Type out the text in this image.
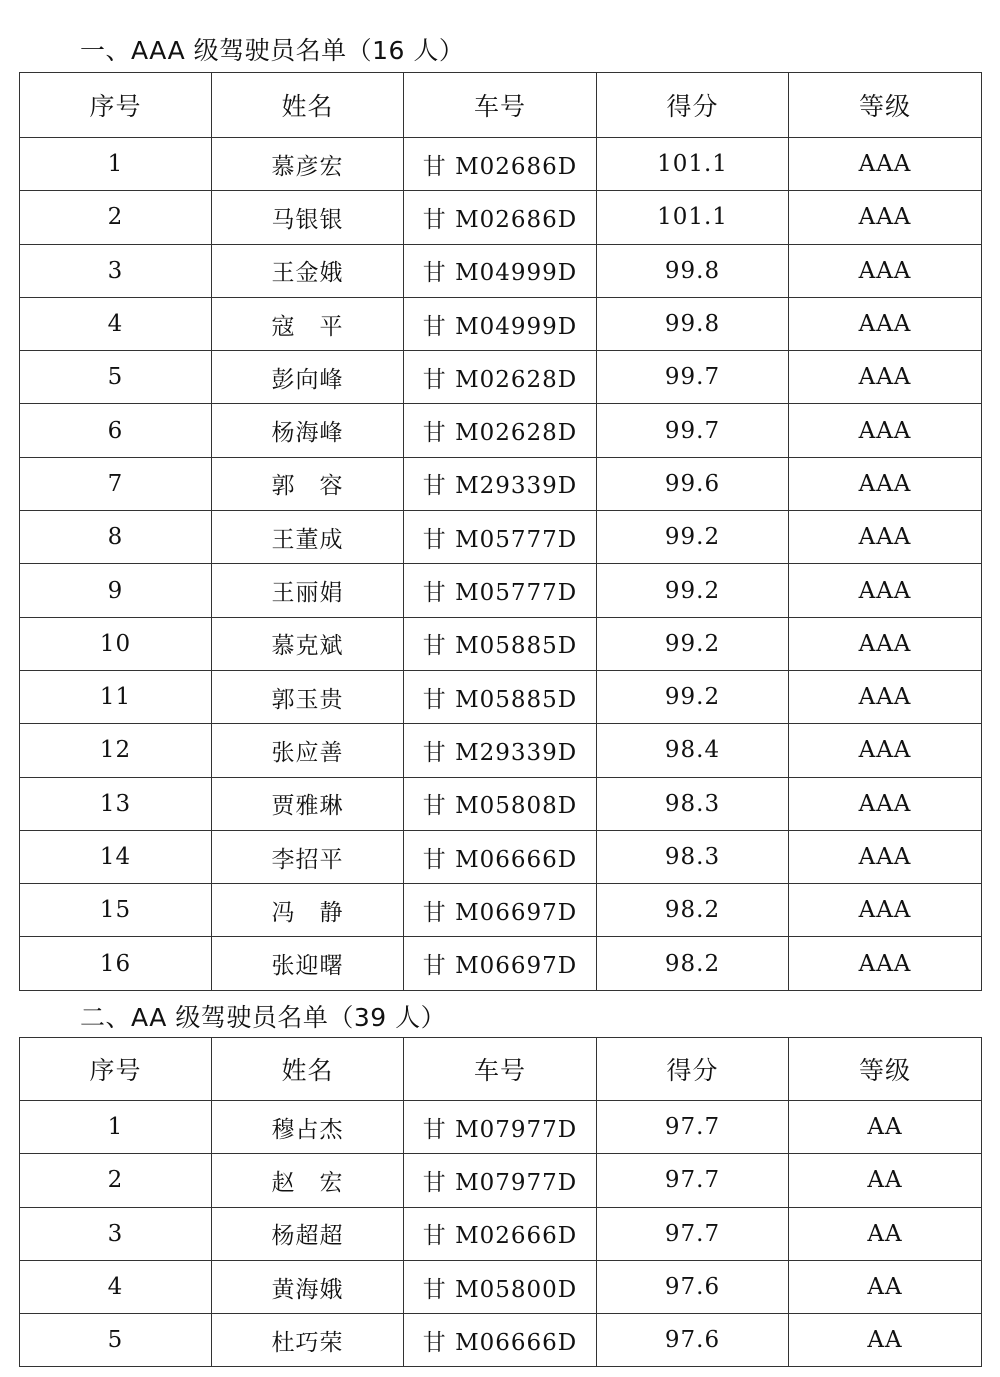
一、AAA 级驾驶员名单（16 人）
序号	姓名	车号	得分	等级
1	慕彦宏	甘 M02686D	101.1	AAA
2	马银银	甘 M02686D	101.1	AAA
3	王金娥	甘 M04999D	99.8	AAA
4	寇　平	甘 M04999D	99.8	AAA
5	彭向峰	甘 M02628D	99.7	AAA
6	杨海峰	甘 M02628D	99.7	AAA
7	郭　容	甘 M29339D	99.6	AAA
8	王董成	甘 M05777D	99.2	AAA
9	王丽娟	甘 M05777D	99.2	AAA
10	慕克斌	甘 M05885D	99.2	AAA
11	郭玉贵	甘 M05885D	99.2	AAA
12	张应善	甘 M29339D	98.4	AAA
13	贾雅琳	甘 M05808D	98.3	AAA
14	李招平	甘 M06666D	98.3	AAA
15	冯　静	甘 M06697D	98.2	AAA
16	张迎曙	甘 M06697D	98.2	AAA
二、AA 级驾驶员名单（39 人）
序号	姓名	车号	得分	等级
1	穆占杰	甘 M07977D	97.7	AA
2	赵　宏	甘 M07977D	97.7	AA
3	杨超超	甘 M02666D	97.7	AA
4	黄海娥	甘 M05800D	97.6	AA
5	杜巧荣	甘 M06666D	97.6	AA
